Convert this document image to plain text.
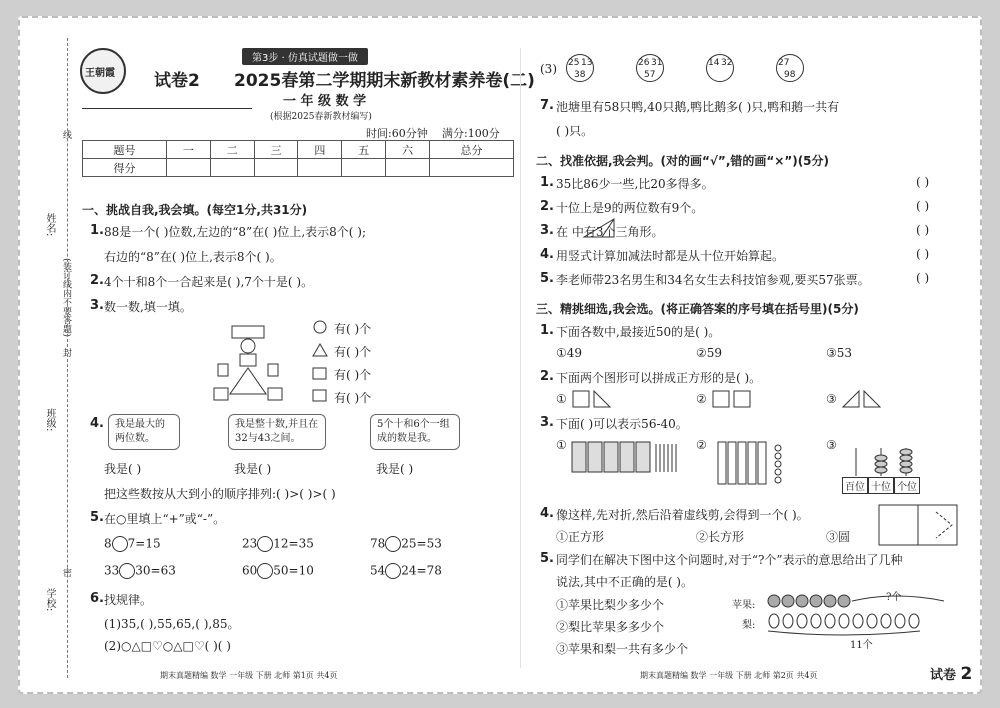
姓名:
班级:
学校:
(装订线内不要答题)
线
封
密
王朝霞
第3步 · 仿真试题做一做
试卷2 2025春第二学期期末新教材素养卷(二)
一 年 级 数 学
(根据2025春新教材编写)
时间:60分钟 满分:100分
题号	一	二	三	四	五	六	总分
得分							
一、挑战自我,我会填。(每空1分,共31分)
1. 88是一个( )位数,左边的“8”在( )位上,表示8个( );
右边的“8”在( )位上,表示8个( )。
2. 4个十和8个一合起来是( ),7个十是( )。
3. 数一数,填一填。
有( )个
有( )个
有( )个
有( )个
4.	我是最大的两位数。
我是整十数,并且在32与43之间。
5个十和6个一组成的数是我。
我是( )	我是( )	我是( )
把这些数按从大到小的顺序排列:( )>( )>( )
5. 在○里填上“+”或“-”。
8 7=15	23 12=35	78 25=53
33 30=63	60 50=10	54 24=78
6. 找规律。
(1)35,( ),55,65,( ),85。
(2)○△□♡○△□♡( )( )
期末真题精编 数学 一年级 下册 北师 第1页 共4页
(3) 25 13
38
26 31
57
14 32	27
98
7. 池塘里有58只鸭,40只鹅,鸭比鹅多( )只,鸭和鹅一共有
( )只。
二、找准依据,我会判。(对的画“√”,错的画“×”)(5分)
1. 35比86少一些,比20多得多。	( )
2. 十位上是9的两位数有9个。	( )
3. 在 中有3个三角形。	( )
4. 用竖式计算加减法时都是从十位开始算起。	( )
5. 李老师带23名男生和34名女生去科技馆参观,要买57张票。	( )
三、精挑细选,我会选。(将正确答案的序号填在括号里)(5分)
1. 下面各数中,最接近50的是( )。
①49	②59	③53
2. 下面两个图形可以拼成正方形的是( )。
①	②	③
3. 下面( )可以表示56-40。
①	②	③
百位 十位 个位
4. 像这样,先对折,然后沿着虚线剪,会得到一个( )。
①正方形	②长方形	③圆
5. 同学们在解决下图中这个问题时,对于“?个”表示的意思给出了几种
说法,其中不正确的是( )。
①苹果比梨少多少个
②梨比苹果多多少个
③苹果和梨一共有多少个
苹果:
梨:
?个
11个
期末真题精编 数学 一年级 下册 北师 第2页 共4页	试卷 2
